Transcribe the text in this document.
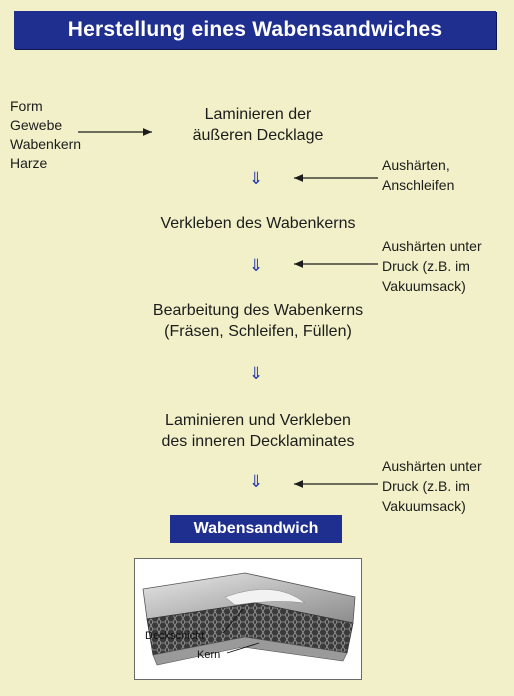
Herstellung eines Wabensandwiches
Form
Gewebe
Wabenkern
Harze
Laminieren der
äußeren Decklage
⇓
Aushärten,
Anschleifen
Verkleben des Wabenkerns
⇓
Aushärten unter
Druck (z.B. im
Vakuumsack)
Bearbeitung des Wabenkerns
(Fräsen, Schleifen, Füllen)
⇓
Laminieren und Verkleben
des inneren Decklaminates
⇓
Aushärten unter
Druck (z.B. im
Vakuumsack)
Wabensandwich
Deckschicht
Kern
